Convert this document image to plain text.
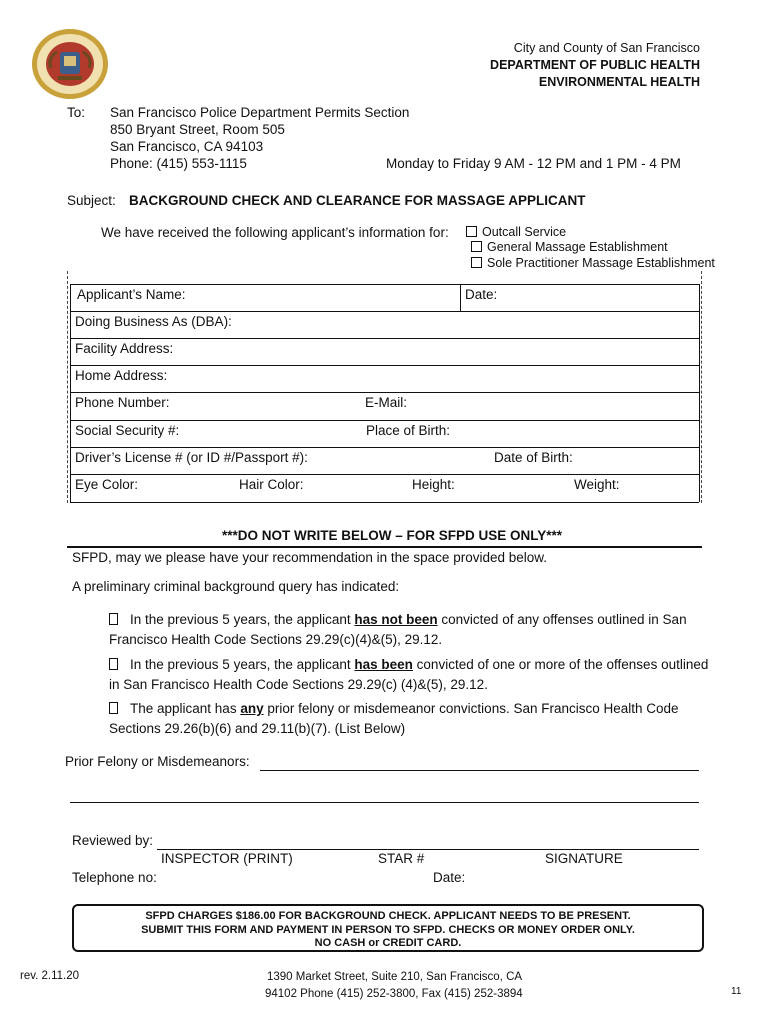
City and County of San Francisco
DEPARTMENT OF PUBLIC HEALTH
ENVIRONMENTAL HEALTH
To: San Francisco Police Department Permits Section
850 Bryant Street, Room 505
San Francisco, CA 94103
Phone: (415) 553-1115	Monday to Friday 9 AM - 12 PM and 1 PM - 4 PM
Subject: BACKGROUND CHECK AND CLEARANCE FOR MASSAGE APPLICANT
We have received the following applicant’s information for:	Outcall Service
General Massage Establishment
Sole Practitioner Massage Establishment
Applicant’s Name:	Date:
Doing Business As (DBA):
Facility Address:
Home Address:
Phone Number:	E-Mail:
Social Security #:	Place of Birth:
Driver’s License # (or ID #/Passport #):	Date of Birth:
Eye Color:	Hair Color:	Height:	Weight:
***DO NOT WRITE BELOW – FOR SFPD USE ONLY***
SFPD, may we please have your recommendation in the space provided below.
A preliminary criminal background query has indicated:
In the previous 5 years, the applicant has not been convicted of any offenses outlined in San
Francisco Health Code Sections 29.29(c)(4)&(5), 29.12.
In the previous 5 years, the applicant has been convicted of one or more of the offenses outlined
in San Francisco Health Code Sections 29.29(c) (4)&(5), 29.12.
The applicant has any prior felony or misdemeanor convictions. San Francisco Health Code
Sections 29.26(b)(6) and 29.11(b)(7). (List Below)
Prior Felony or Misdemeanors:
Reviewed by:
INSPECTOR (PRINT)	STAR #	SIGNATURE
Telephone no:	Date:
SFPD CHARGES $186.00 FOR BACKGROUND CHECK. APPLICANT NEEDS TO BE PRESENT.
SUBMIT THIS FORM AND PAYMENT IN PERSON TO SFPD. CHECKS OR MONEY ORDER ONLY.
NO CASH or CREDIT CARD.
rev. 2.11.20	1390 Market Street, Suite 210, San Francisco, CA
94102 Phone (415) 252-3800, Fax (415) 252-3894	11
